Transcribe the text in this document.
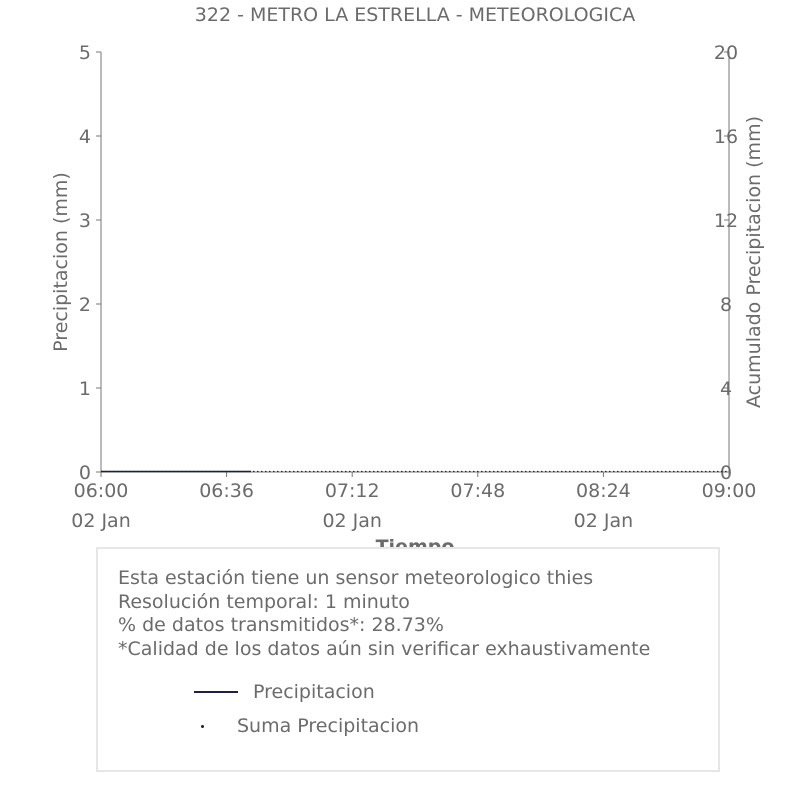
322 - METRO LA ESTRELLA - METEOROLOGICA
Precipitacion (mm)	Acumulado Precipitacion (mm)
0
1
2
3
4
5
0
4
8
12
16
20
06:00
02 Jan
06:36	07:12
02 Jan
07:48	08:24
02 Jan
09:00
Esta estación tiene un sensor meteorologico thies
Resolución temporal: 1 minuto
% de datos transmitidos*: 28.73%
*Calidad de los datos aún sin verificar exhaustivamente
Precipitacion
Suma Precipitacion
